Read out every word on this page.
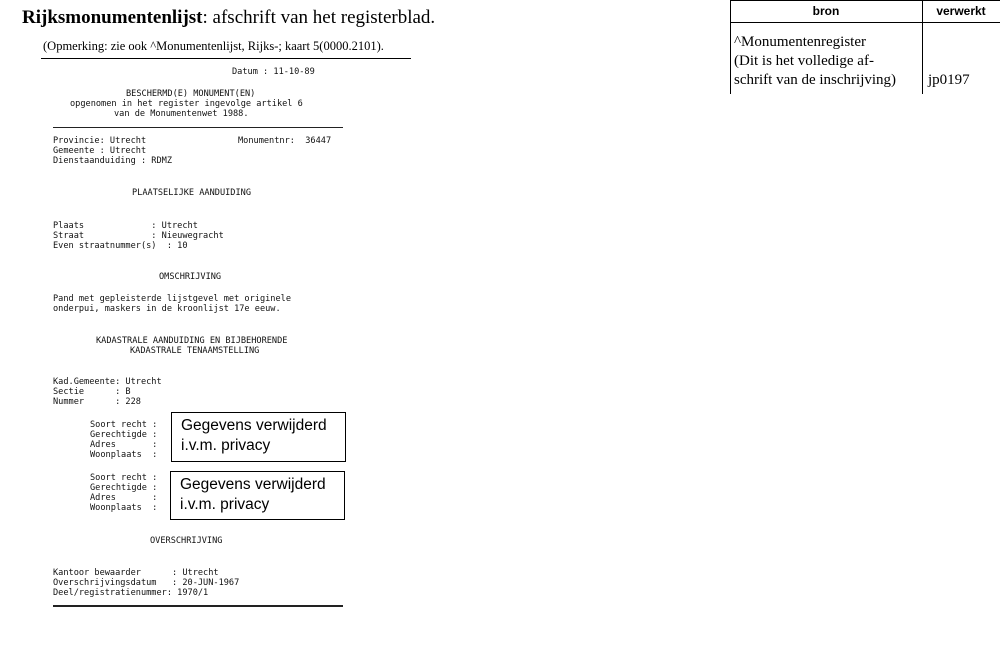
Rijksmonumentenlijst: afschrift van het registerblad.
(Opmerking: zie ook ^Monumentenlijst, Rijks-; kaart 5(0000.2101).
Datum : 11-10-89
BESCHERMD(E) MONUMENT(EN)
opgenomen in het register ingevolge artikel 6
van de Monumentenwet 1988.
Provincie: Utrecht	Monumentnr:  36447
Gemeente : Utrecht
Dienstaanduiding : RDMZ
PLAATSELIJKE AANDUIDING
Plaats             : Utrecht
Straat             : Nieuwegracht
Even straatnummer(s)  : 10
OMSCHRIJVING
Pand met gepleisterde lijstgevel met originele
onderpui, maskers in de kroonlijst 17e eeuw.
KADASTRALE AANDUIDING EN BIJBEHORENDE
KADASTRALE TENAAMSTELLING
Kad.Gemeente: Utrecht
Sectie      : B
Nummer      : 228
Soort recht :
Gerechtigde :
Adres       :
Woonplaats  :
Gegevens verwijderd
i.v.m. privacy
Soort recht :
Gerechtigde :
Adres       :
Woonplaats  :
Gegevens verwijderd
i.v.m. privacy
OVERSCHRIJVING
Kantoor bewaarder      : Utrecht
Overschrijvingsdatum   : 20-JUN-1967
Deel/registratienummer: 1970/1
bron	verwerkt
^Monumentenregister
(Dit is het volledige af-
schrift van de inschrijving) jp0197
